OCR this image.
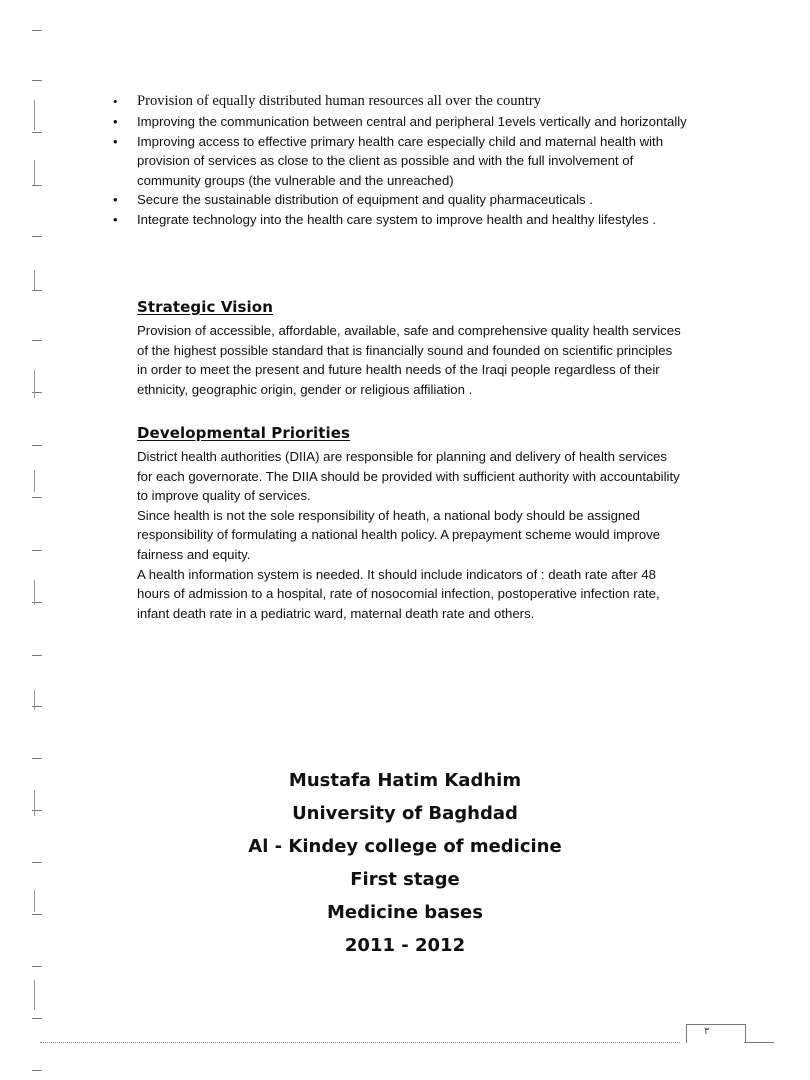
• Provision of equally distributed human resources all over the country
• Improving the communication between central and peripheral 1evels vertically and horizontally
• Improving access to effective primary health care especially child and maternal health with provision of services as close to the client as possible and with the full involvement of community groups (the vulnerable and the unreached)
• Secure the sustainable distribution of equipment and quality pharmaceuticals .
• Integrate technology into the health care system to improve health and healthy lifestyles .
Strategic Vision

Provision of accessible, affordable, available, safe and comprehensive quality health services of the highest possible standard that is financially sound and founded on scientific principles in order to meet the present and future health needs of the Iraqi people regardless of their ethnicity, geographic origin, gender or religious affiliation .

Developmental Priorities

District health authorities (DIIA) are responsible for planning and delivery of health services for each governorate. The DIIA should be provided with sufficient authority with accountability to improve quality of services.

Since health is not the sole responsibility of heath, a national body should be assigned responsibility of formulating a national health policy. A prepayment scheme would improve fairness and equity.

A health information system is needed. It should include indicators of : death rate after 48 hours of admission to a hospital, rate of nosocomial infection, postoperative infection rate, infant death rate in a pediatric ward, maternal death rate and others.

Mustafa Hatim Kadhim
University of Baghdad
Al - Kindey college of medicine
First stage
Medicine bases
2011 - 2012
٣
